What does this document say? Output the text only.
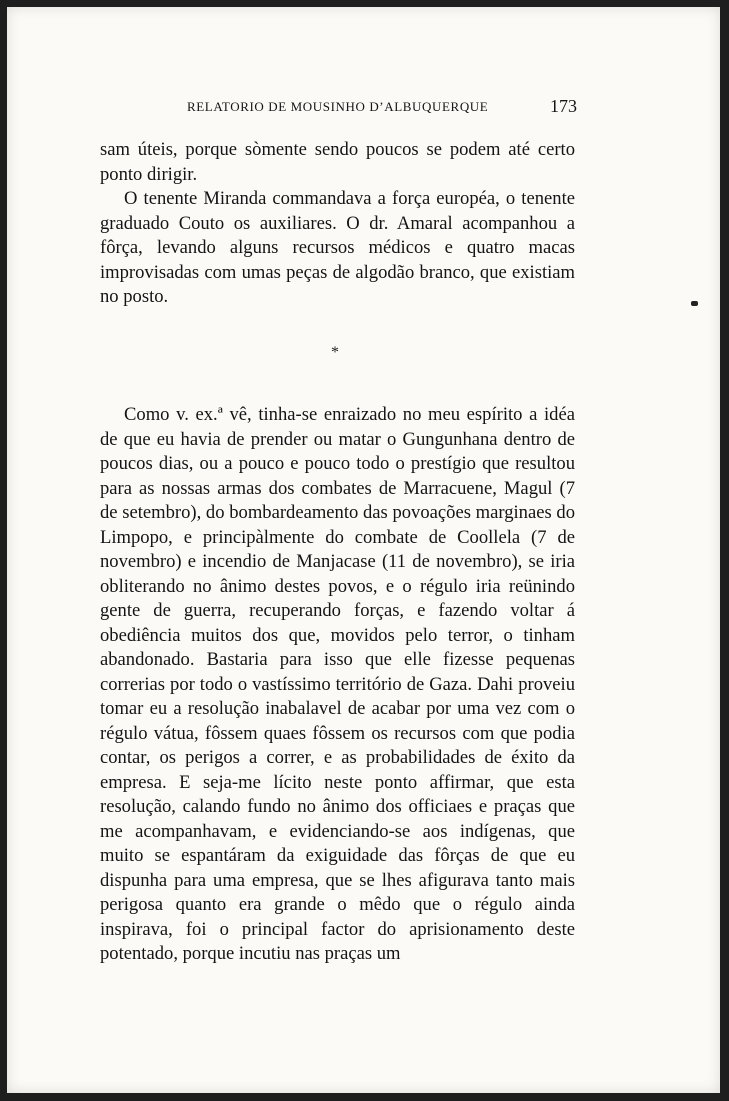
RELATORIO DE MOUSINHO D’ALBUQUERQUE	173

sam úteis, porque sòmente sendo poucos se podem até certo ponto dirigir.

O tenente Miranda commandava a força européa, o tenente graduado Couto os auxiliares. O dr. Amaral acompanhou a fôrça, levando alguns recursos médicos e quatro macas improvisadas com umas peças de algodão branco, que existiam no posto.

*

Como v. ex.ª vê, tinha-se enraizado no meu espírito a idéa de que eu havia de prender ou matar o Gungunhana dentro de poucos dias, ou a pouco e pouco todo o prestígio que resultou para as nossas armas dos combates de Marracuene, Magul (7 de setembro), do bombardeamento das povoações marginaes do Limpopo, e principàlmente do combate de Coollela (7 de novembro) e incendio de Manjacase (11 de novembro), se iria obliterando no ânimo destes povos, e o régulo iria reünindo gente de guerra, recuperando forças, e fazendo voltar á obediência muitos dos que, movidos pelo terror, o tinham abandonado. Bastaria para isso que elle fizesse pequenas correrias por todo o vastíssimo território de Gaza. Dahi proveiu tomar eu a resolução inabalavel de acabar por uma vez com o régulo vátua, fôssem quaes fôssem os recursos com que podia contar, os perigos a correr, e as probabilidades de éxito da empresa. E seja-me lícito neste ponto affirmar, que esta resolução, calando fundo no ânimo dos officiaes e praças que me acompanhavam, e evidenciando-se aos indígenas, que muito se espantáram da exiguidade das fôrças de que eu dispunha para uma empresa, que se lhes afigurava tanto mais perigosa quanto era grande o mêdo que o régulo ainda inspirava, foi o principal factor do aprisionamento deste potentado, porque incutiu nas praças um
